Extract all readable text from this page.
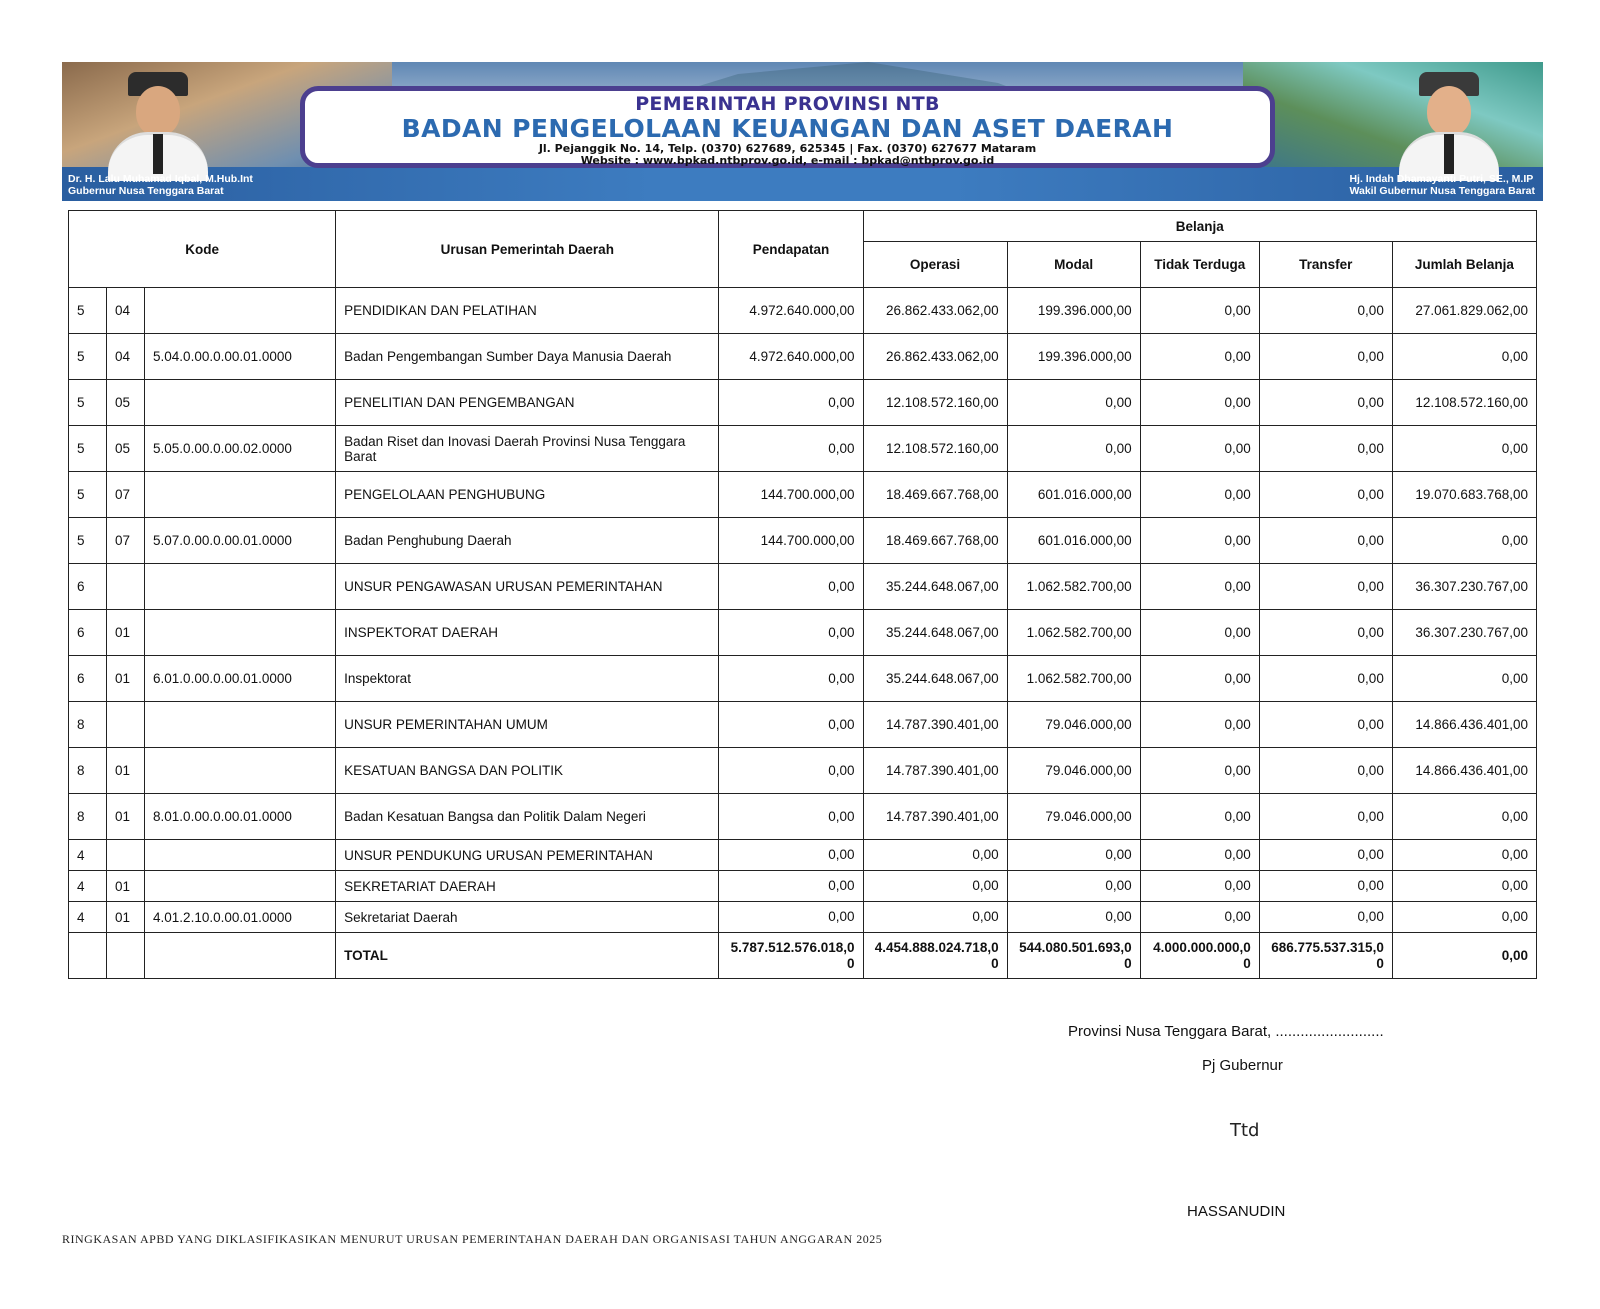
Dr. H. Lalu Muhamad Iqbal, M.Hub.Int
Gubernur Nusa Tenggara Barat
Hj. Indah Dhamayanti Putri, SE., M.IP
Wakil Gubernur Nusa Tenggara Barat
PEMERINTAH PROVINSI NTB
BADAN PENGELOLAAN KEUANGAN DAN ASET DAERAH
Jl. Pejanggik No. 14, Telp. (0370) 627689, 625345 | Fax. (0370) 627677 Mataram
Website : www.bpkad.ntbprov.go.id, e-mail : bpkad@ntbprov.go.id
Kode			Urusan Pemerintah Daerah	Pendapatan	Belanja				
					Operasi	Modal	Tidak Terduga	Transfer	Jumlah Belanja
5	04		PENDIDIKAN DAN PELATIHAN	4.972.640.000,00	26.862.433.062,00	199.396.000,00	0,00	0,00	27.061.829.062,00
5	04	5.04.0.00.0.00.01.0000	Badan Pengembangan Sumber Daya Manusia Daerah	4.972.640.000,00	26.862.433.062,00	199.396.000,00	0,00	0,00	0,00
5	05		PENELITIAN DAN PENGEMBANGAN	0,00	12.108.572.160,00	0,00	0,00	0,00	12.108.572.160,00
5	05	5.05.0.00.0.00.02.0000	Badan Riset dan Inovasi Daerah Provinsi Nusa Tenggara Barat	0,00	12.108.572.160,00	0,00	0,00	0,00	0,00
5	07		PENGELOLAAN PENGHUBUNG	144.700.000,00	18.469.667.768,00	601.016.000,00	0,00	0,00	19.070.683.768,00
5	07	5.07.0.00.0.00.01.0000	Badan Penghubung Daerah	144.700.000,00	18.469.667.768,00	601.016.000,00	0,00	0,00	0,00
6			UNSUR PENGAWASAN URUSAN PEMERINTAHAN	0,00	35.244.648.067,00	1.062.582.700,00	0,00	0,00	36.307.230.767,00
6	01		INSPEKTORAT DAERAH	0,00	35.244.648.067,00	1.062.582.700,00	0,00	0,00	36.307.230.767,00
6	01	6.01.0.00.0.00.01.0000	Inspektorat	0,00	35.244.648.067,00	1.062.582.700,00	0,00	0,00	0,00
8			UNSUR PEMERINTAHAN UMUM	0,00	14.787.390.401,00	79.046.000,00	0,00	0,00	14.866.436.401,00
8	01		KESATUAN BANGSA DAN POLITIK	0,00	14.787.390.401,00	79.046.000,00	0,00	0,00	14.866.436.401,00
8	01	8.01.0.00.0.00.01.0000	Badan Kesatuan Bangsa dan Politik Dalam Negeri	0,00	14.787.390.401,00	79.046.000,00	0,00	0,00	0,00
4			UNSUR PENDUKUNG URUSAN PEMERINTAHAN	0,00	0,00	0,00	0,00	0,00	0,00
4	01		SEKRETARIAT DAERAH	0,00	0,00	0,00	0,00	0,00	0,00
4	01	4.01.2.10.0.00.01.0000	Sekretariat Daerah	0,00	0,00	0,00	0,00	0,00	0,00
			TOTAL	5.787.512.576.018,00	4.454.888.024.718,00	544.080.501.693,00	4.000.000.000,00	686.775.537.315,00	0,00
Provinsi Nusa Tenggara Barat, ..........................
Pj Gubernur
Ttd
HASSANUDIN
RINGKASAN APBD YANG DIKLASIFIKASIKAN MENURUT URUSAN PEMERINTAHAN DAERAH DAN ORGANISASI TAHUN ANGGARAN 2025
